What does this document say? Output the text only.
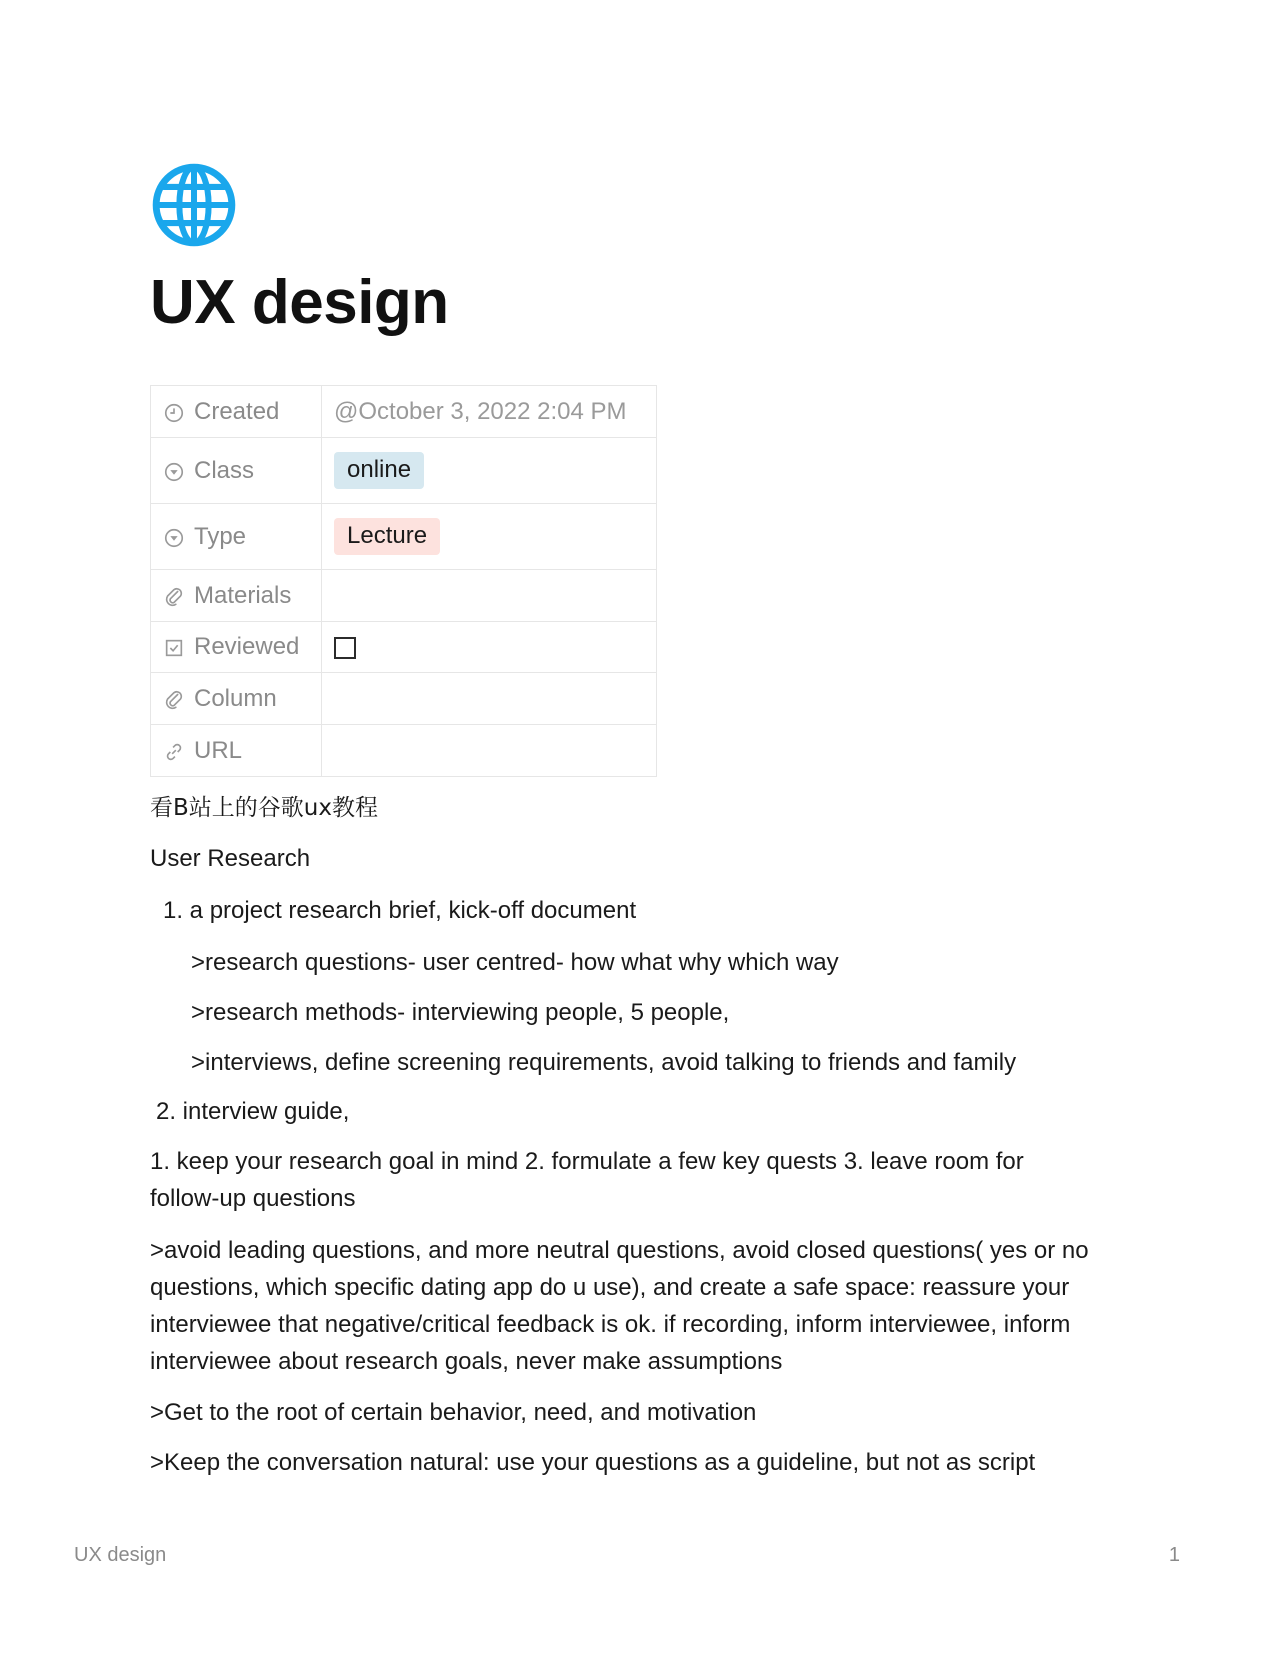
UX design
Created	@October 3, 2022 2:04 PM
Class	online
Type	Lecture
Materials	
Reviewed	
Column	
URL	

看B站上的谷歌ux教程

User Research

1. a project research brief, kick-off document

>research questions- user centred- how what why which way

>research methods- interviewing people, 5 people,

>interviews, define screening requirements, avoid talking to friends and family

2. interview guide,

1. keep your research goal in mind 2. formulate a few key quests 3. leave room for follow-up questions

>avoid leading questions, and more neutral questions, avoid closed questions( yes or no questions, which specific dating app do u use), and create a safe space: reassure your interviewee that negative/critical feedback is ok. if recording, inform interviewee, inform interviewee about research goals, never make assumptions

>Get to the root of certain behavior, need, and motivation

>Keep the conversation natural: use your questions as a guideline, but not as script

UX design	1
